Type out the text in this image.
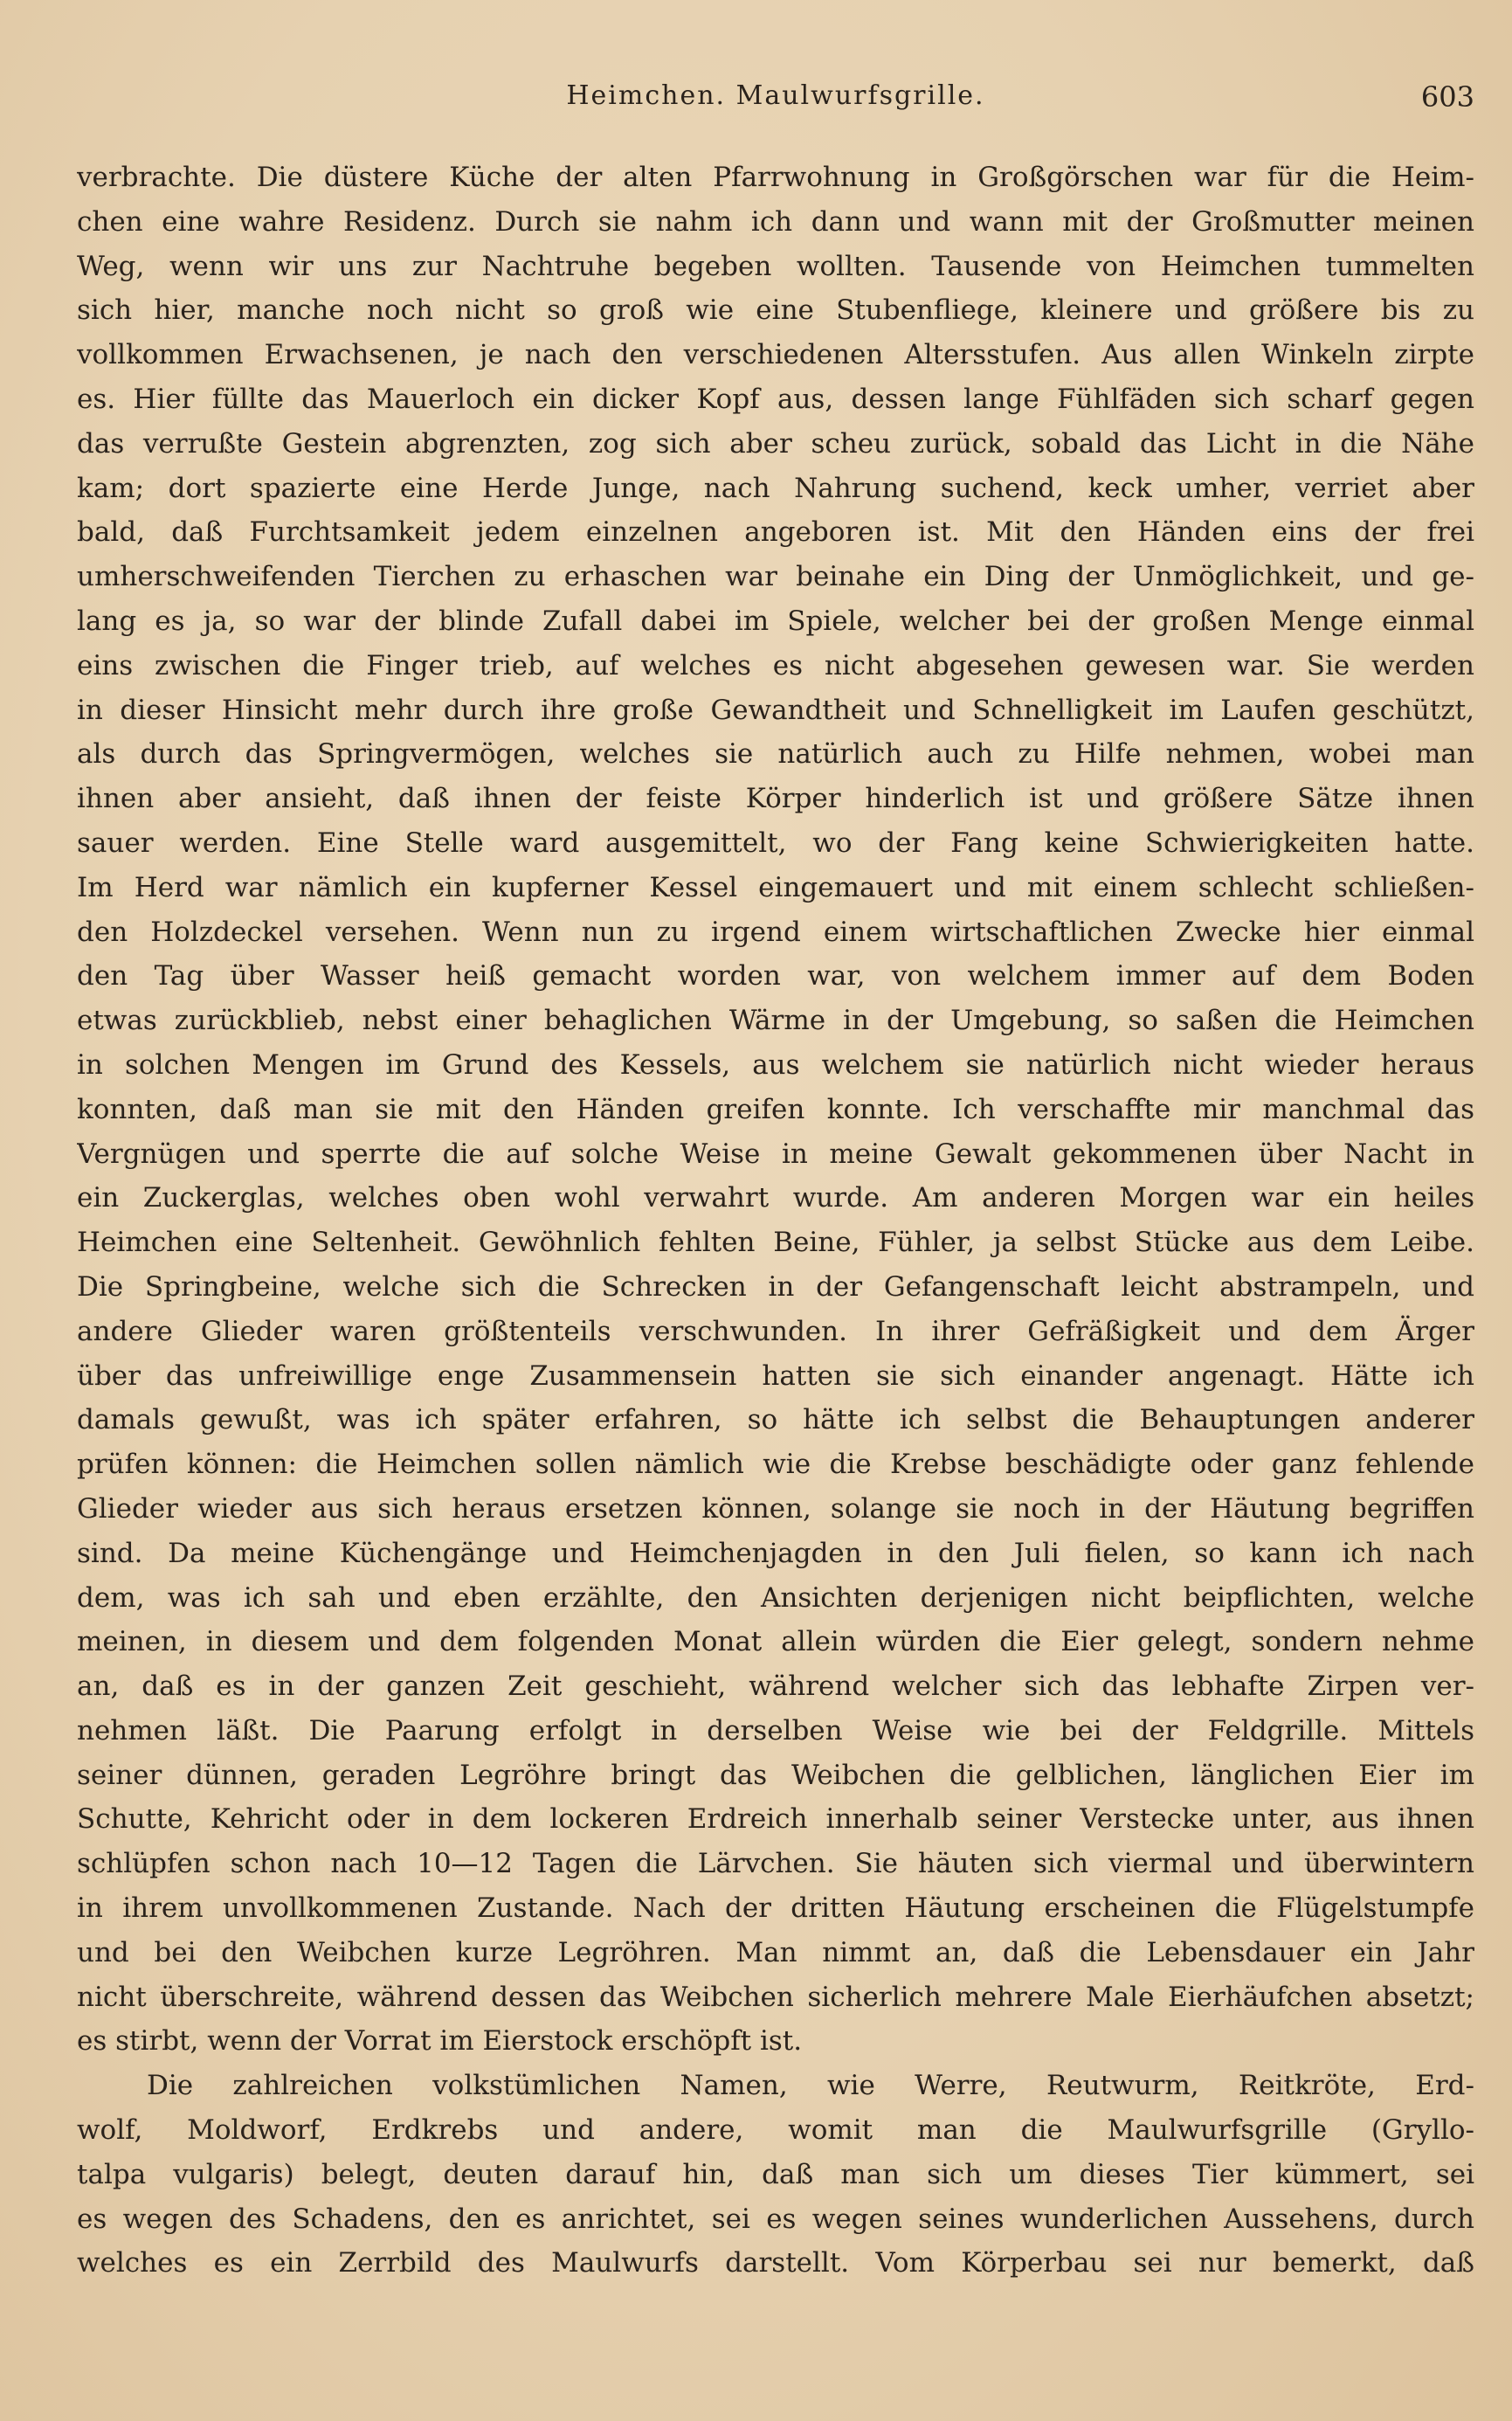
Heimchen. Maulwurfsgrille.	603
verbrachte. Die düstere Küche der alten Pfarrwohnung in Großgörschen war für die Heim-
chen eine wahre Residenz. Durch sie nahm ich dann und wann mit der Großmutter meinen
Weg, wenn wir uns zur Nachtruhe begeben wollten. Tausende von Heimchen tummelten
sich hier, manche noch nicht so groß wie eine Stubenfliege, kleinere und größere bis zu
vollkommen Erwachsenen, je nach den verschiedenen Altersstufen. Aus allen Winkeln zirpte
es. Hier füllte das Mauerloch ein dicker Kopf aus, dessen lange Fühlfäden sich scharf gegen
das verrußte Gestein abgrenzten, zog sich aber scheu zurück, sobald das Licht in die Nähe
kam; dort spazierte eine Herde Junge, nach Nahrung suchend, keck umher, verriet aber
bald, daß Furchtsamkeit jedem einzelnen angeboren ist. Mit den Händen eins der frei
umherschweifenden Tierchen zu erhaschen war beinahe ein Ding der Unmöglichkeit, und ge-
lang es ja, so war der blinde Zufall dabei im Spiele, welcher bei der großen Menge einmal
eins zwischen die Finger trieb, auf welches es nicht abgesehen gewesen war. Sie werden
in dieser Hinsicht mehr durch ihre große Gewandtheit und Schnelligkeit im Laufen geschützt,
als durch das Springvermögen, welches sie natürlich auch zu Hilfe nehmen, wobei man
ihnen aber ansieht, daß ihnen der feiste Körper hinderlich ist und größere Sätze ihnen
sauer werden. Eine Stelle ward ausgemittelt, wo der Fang keine Schwierigkeiten hatte.
Im Herd war nämlich ein kupferner Kessel eingemauert und mit einem schlecht schließen-
den Holzdeckel versehen. Wenn nun zu irgend einem wirtschaftlichen Zwecke hier einmal
den Tag über Wasser heiß gemacht worden war, von welchem immer auf dem Boden
etwas zurückblieb, nebst einer behaglichen Wärme in der Umgebung, so saßen die Heimchen
in solchen Mengen im Grund des Kessels, aus welchem sie natürlich nicht wieder heraus
konnten, daß man sie mit den Händen greifen konnte. Ich verschaffte mir manchmal das
Vergnügen und sperrte die auf solche Weise in meine Gewalt gekommenen über Nacht in
ein Zuckerglas, welches oben wohl verwahrt wurde. Am anderen Morgen war ein heiles
Heimchen eine Seltenheit. Gewöhnlich fehlten Beine, Fühler, ja selbst Stücke aus dem Leibe.
Die Springbeine, welche sich die Schrecken in der Gefangenschaft leicht abstrampeln, und
andere Glieder waren größtenteils verschwunden. In ihrer Gefräßigkeit und dem Ärger
über das unfreiwillige enge Zusammensein hatten sie sich einander angenagt. Hätte ich
damals gewußt, was ich später erfahren, so hätte ich selbst die Behauptungen anderer
prüfen können: die Heimchen sollen nämlich wie die Krebse beschädigte oder ganz fehlende
Glieder wieder aus sich heraus ersetzen können, solange sie noch in der Häutung begriffen
sind. Da meine Küchengänge und Heimchenjagden in den Juli fielen, so kann ich nach
dem, was ich sah und eben erzählte, den Ansichten derjenigen nicht beipflichten, welche
meinen, in diesem und dem folgenden Monat allein würden die Eier gelegt, sondern nehme
an, daß es in der ganzen Zeit geschieht, während welcher sich das lebhafte Zirpen ver-
nehmen läßt. Die Paarung erfolgt in derselben Weise wie bei der Feldgrille. Mittels
seiner dünnen, geraden Legröhre bringt das Weibchen die gelblichen, länglichen Eier im
Schutte, Kehricht oder in dem lockeren Erdreich innerhalb seiner Verstecke unter, aus ihnen
schlüpfen schon nach 10—12 Tagen die Lärvchen. Sie häuten sich viermal und überwintern
in ihrem unvollkommenen Zustande. Nach der dritten Häutung erscheinen die Flügelstumpfe
und bei den Weibchen kurze Legröhren. Man nimmt an, daß die Lebensdauer ein Jahr
nicht überschreite, während dessen das Weibchen sicherlich mehrere Male Eierhäufchen absetzt;
es stirbt, wenn der Vorrat im Eierstock erschöpft ist.
Die zahlreichen volkstümlichen Namen, wie Werre, Reutwurm, Reitkröte, Erd-
wolf, Moldworf, Erdkrebs und andere, womit man die Maulwurfsgrille (Gryllo-
talpa vulgaris) belegt, deuten darauf hin, daß man sich um dieses Tier kümmert, sei
es wegen des Schadens, den es anrichtet, sei es wegen seines wunderlichen Aussehens, durch
welches es ein Zerrbild des Maulwurfs darstellt. Vom Körperbau sei nur bemerkt, daß
